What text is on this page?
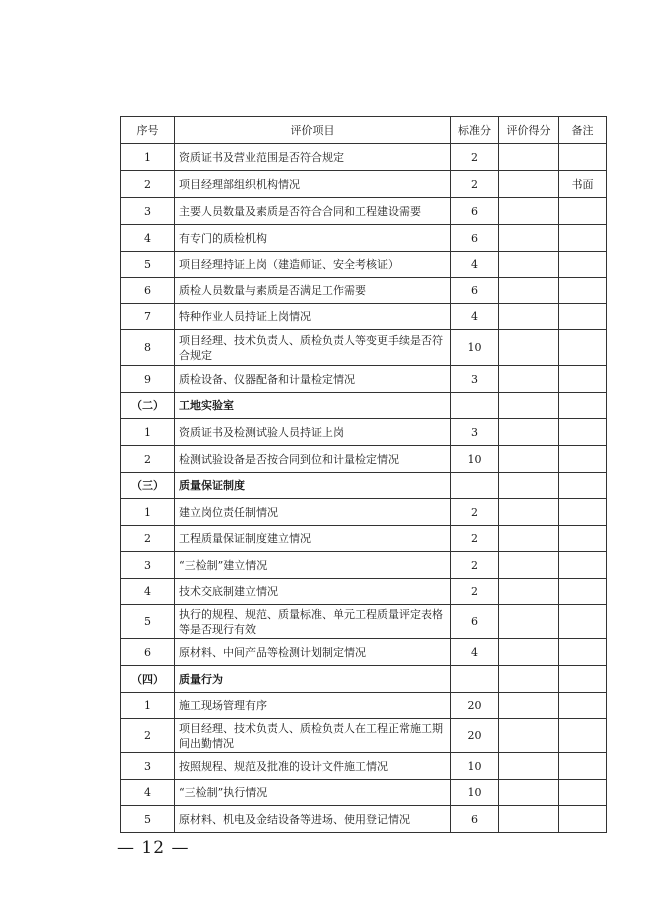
序号	评价项目	标准分	评价得分	备注
1	资质证书及营业范围是否符合规定	2		
2	项目经理部组织机构情况	2		书面
3	主要人员数量及素质是否符合合同和工程建设需要	6		
4	有专门的质检机构	6		
5	项目经理持证上岗（建造师证、安全考核证）	4		
6	质检人员数量与素质是否满足工作需要	6		
7	特种作业人员持证上岗情况	4		
8	项目经理、技术负责人、质检负责人等变更手续是否符合规定	10		
9	质检设备、仪器配备和计量检定情况	3		
（二）	工地实验室			
1	资质证书及检测试验人员持证上岗	3		
2	检测试验设备是否按合同到位和计量检定情况	10		
（三）	质量保证制度			
1	建立岗位责任制情况	2		
2	工程质量保证制度建立情况	2		
3	“三检制”建立情况	2		
4	技术交底制建立情况	2		
5	执行的规程、规范、质量标准、单元工程质量评定表格等是否现行有效	6		
6	原材料、中间产品等检测计划制定情况	4		
（四）	质量行为			
1	施工现场管理有序	20		
2	项目经理、技术负责人、质检负责人在工程正常施工期间出勤情况	20		
3	按照规程、规范及批准的设计文件施工情况	10		
4	“三检制”执行情况	10		
5	原材料、机电及金结设备等进场、使用登记情况	6		
— 12 —
